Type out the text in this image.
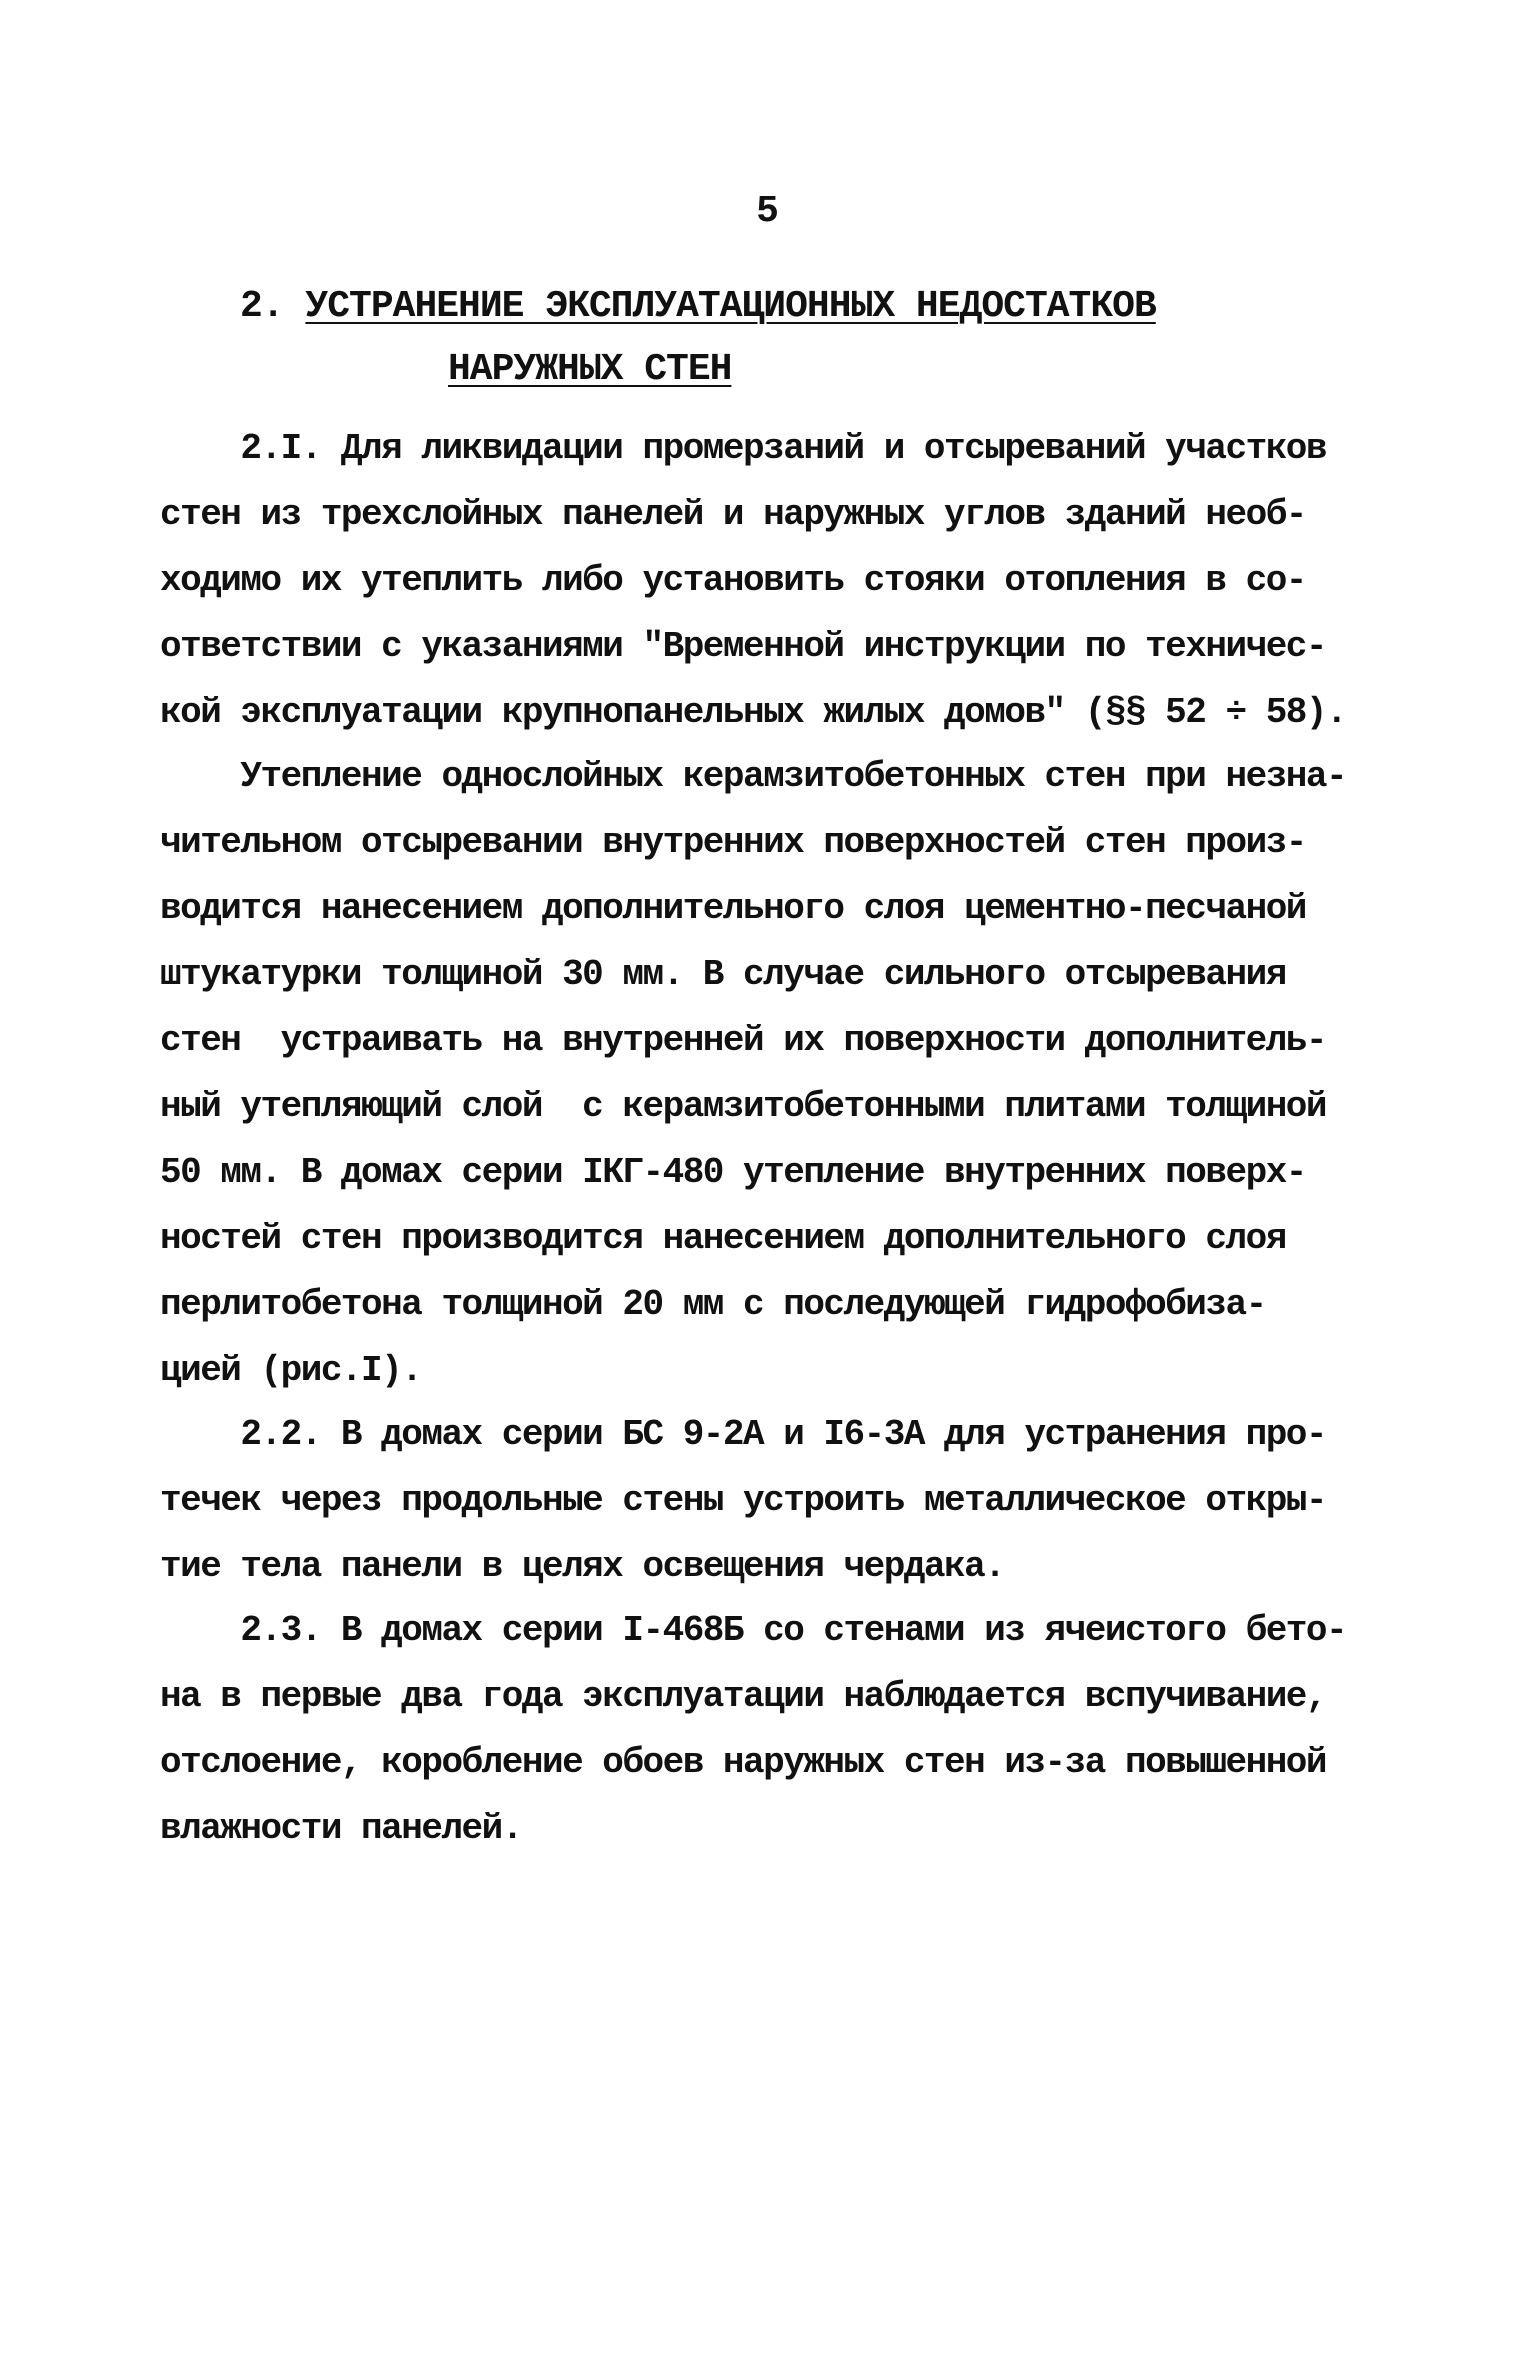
5
2. УСТРАНЕНИЕ ЭКСПЛУАТАЦИОННЫХ НЕДОСТАТКОВ
НАРУЖНЫХ СТЕН
2.I. Для ликвидации промерзаний и отсыреваний участков
стен из трехслойных панелей и наружных углов зданий необ-
ходимо их утеплить либо установить стояки отопления в со-
ответствии с указаниями "Временной инструкции по техничес-
кой эксплуатации крупнопанельных жилых домов" (§§ 52 ÷ 58).
Утепление однослойных керамзитобетонных стен при незна-
чительном отсыревании внутренних поверхностей стен произ-
водится нанесением дополнительного слоя цементно-песчаной
штукатурки толщиной 30 мм. В случае сильного отсыревания
стен  устраивать на внутренней их поверхности дополнитель-
ный утепляющий слой  с керамзитобетонными плитами толщиной
50 мм. В домах серии IКГ-480 утепление внутренних поверх-
ностей стен производится нанесением дополнительного слоя
перлитобетона толщиной 20 мм с последующей гидрофобиза-
цией (рис.I).
2.2. В домах серии БС 9-2А и I6-3А для устранения про-
течек через продольные стены устроить металлическое откры-
тие тела панели в целях освещения чердака.
2.3. В домах серии I-468Б со стенами из ячеистого бето-
на в первые два года эксплуатации наблюдается вспучивание,
отслоение, коробление обоев наружных стен из-за повышенной
влажности панелей.
